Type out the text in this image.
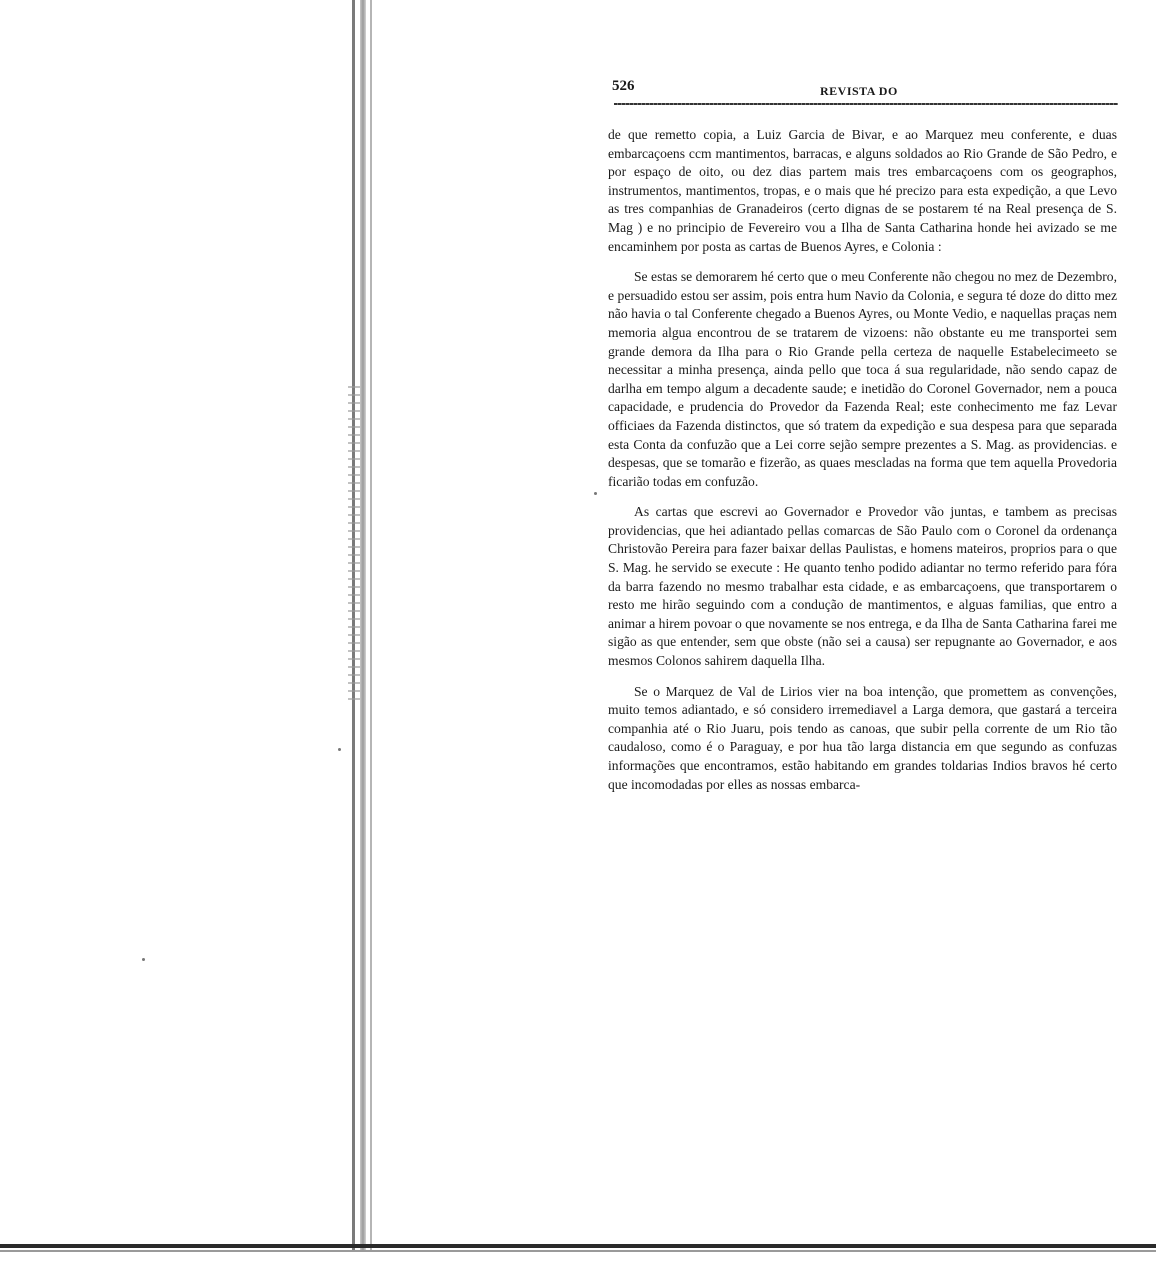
526	REVISTA DO

de que remetto copia, a Luiz Garcia de Bivar, e ao Marquez meu conferente, e duas embarcaçoens ccm mantimentos, barracas, e alguns soldados ao Rio Grande de São Pedro, e por espaço de oito, ou dez dias partem mais tres embarcaçoens com os geographos, instrumentos, mantimentos, tropas, e o mais que hé precizo para esta expedição, a que Levo as tres companhias de Granadeiros (certo dignas de se postarem té na Real presença de S. Mag ) e no principio de Fevereiro vou a Ilha de Santa Catharina honde hei avizado se me encaminhem por posta as cartas de Buenos Ayres, e Colonia :

Se estas se demorarem hé certo que o meu Conferente não chegou no mez de Dezembro, e persuadido estou ser assim, pois entra hum Navio da Colonia, e segura té doze do ditto mez não havia o tal Conferente chegado a Buenos Ayres, ou Monte Vedio, e naquellas praças nem memoria algua encontrou de se tratarem de vizoens: não obstante eu me transportei sem grande demora da Ilha para o Rio Grande pella certeza de naquelle Estabelecimeeto se necessitar a minha presença, ainda pello que toca á sua regularidade, não sendo capaz de darlha em tempo algum a decadente saude; e inetidão do Coronel Governador, nem a pouca capacidade, e prudencia do Provedor da Fazenda Real; este conhecimento me faz Levar officiaes da Fazenda distinctos, que só tratem da expedição e sua despesa para que separada esta Conta da confuzão que a Lei corre sejão sempre prezentes a S. Mag. as providencias. e despesas, que se tomarão e fizerão, as quaes mescladas na forma que tem aquella Provedoria ficarião todas em confuzão.

As cartas que escrevi ao Governador e Provedor vão juntas, e tambem as precisas providencias, que hei adiantado pellas comarcas de São Paulo com o Coronel da ordenança Christovão Pereira para fazer baixar dellas Paulistas, e homens mateiros, proprios para o que S. Mag. he servido se execute : He quanto tenho podido adiantar no termo referido para fóra da barra fazendo no mesmo trabalhar esta cidade, e as embarcaçoens, que transportarem o resto me hirão seguindo com a condução de mantimentos, e alguas familias, que entro a animar a hirem povoar o que novamente se nos entrega, e da Ilha de Santa Catharina farei me sigão as que entender, sem que obste (não sei a causa) ser repugnante ao Governador, e aos mesmos Colonos sahirem daquella Ilha.

Se o Marquez de Val de Lirios vier na boa intenção, que promettem as convenções, muito temos adiantado, e só considero irremediavel a Larga demora, que gastará a terceira companhia até o Rio Juaru, pois tendo as canoas, que subir pella corrente de um Rio tão caudaloso, como é o Paraguay, e por hua tão larga distancia em que segundo as confuzas informações que encontramos, estão habitando em grandes toldarias Indios bravos hé certo que incomodadas por elles as nossas embarca-
